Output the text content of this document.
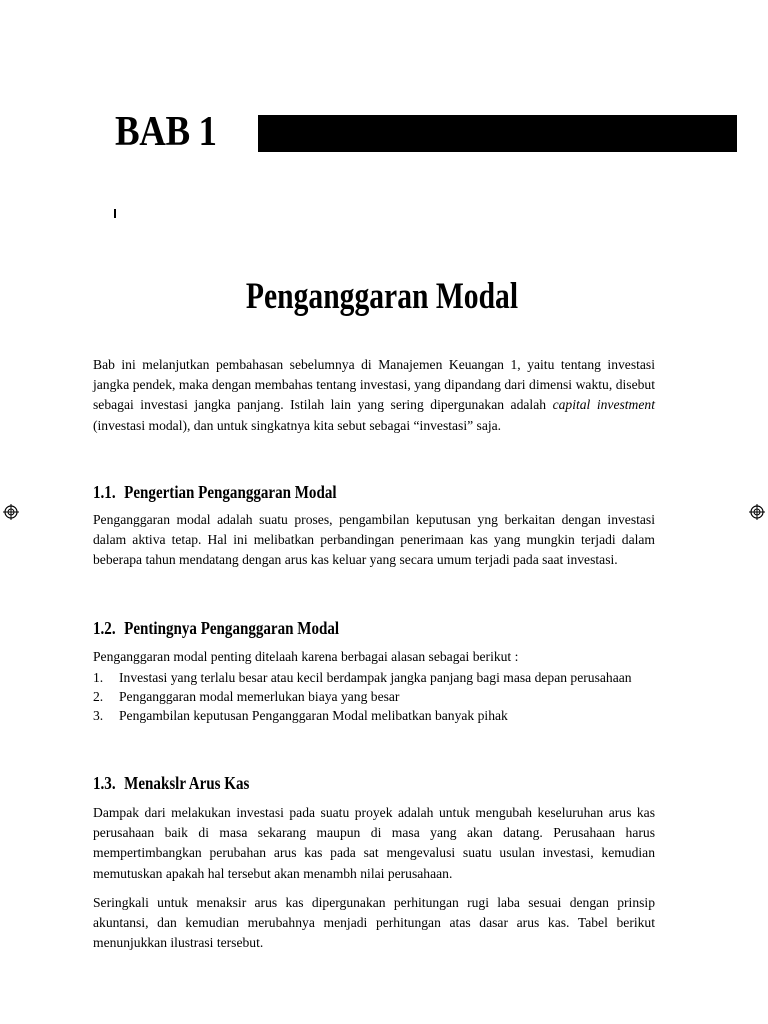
BAB 1
Penganggaran Modal

Bab ini melanjutkan pembahasan sebelumnya di Manajemen Keuangan 1, yaitu tentang investasi jangka pendek, maka dengan membahas tentang investasi, yang dipandang dari dimensi waktu, disebut sebagai investasi jangka panjang. Istilah lain yang sering dipergunakan adalah capital investment (investasi modal), dan untuk singkatnya kita sebut sebagai “investasi” saja.

1.1. Pengertian Penganggaran Modal

Penganggaran modal adalah suatu proses, pengambilan keputusan yng berkaitan dengan investasi dalam aktiva tetap. Hal ini melibatkan perbandingan penerimaan kas yang mungkin terjadi dalam beberapa tahun mendatang dengan arus kas keluar yang secara umum terjadi pada saat investasi.

1.2. Pentingnya Penganggaran Modal

Penganggaran modal penting ditelaah karena berbagai alasan sebagai berikut :

1. Investasi yang terlalu besar atau kecil berdampak jangka panjang bagi masa depan perusahaan
2. Penganggaran modal memerlukan biaya yang besar
3. Pengambilan keputusan Penganggaran Modal melibatkan banyak pihak
1.3. Menakslr Arus Kas

Dampak dari melakukan investasi pada suatu proyek adalah untuk mengubah keseluruhan arus kas perusahaan baik di masa sekarang maupun di masa yang akan datang. Perusahaan harus mempertimbangkan perubahan arus kas pada sat mengevalusi suatu usulan investasi, kemudian memutuskan apakah hal tersebut akan menambh nilai perusahaan.

Seringkali untuk menaksir arus kas dipergunakan perhitungan rugi laba sesuai dengan prinsip akuntansi, dan kemudian merubahnya menjadi perhitungan atas dasar arus kas. Tabel berikut menunjukkan ilustrasi tersebut.
